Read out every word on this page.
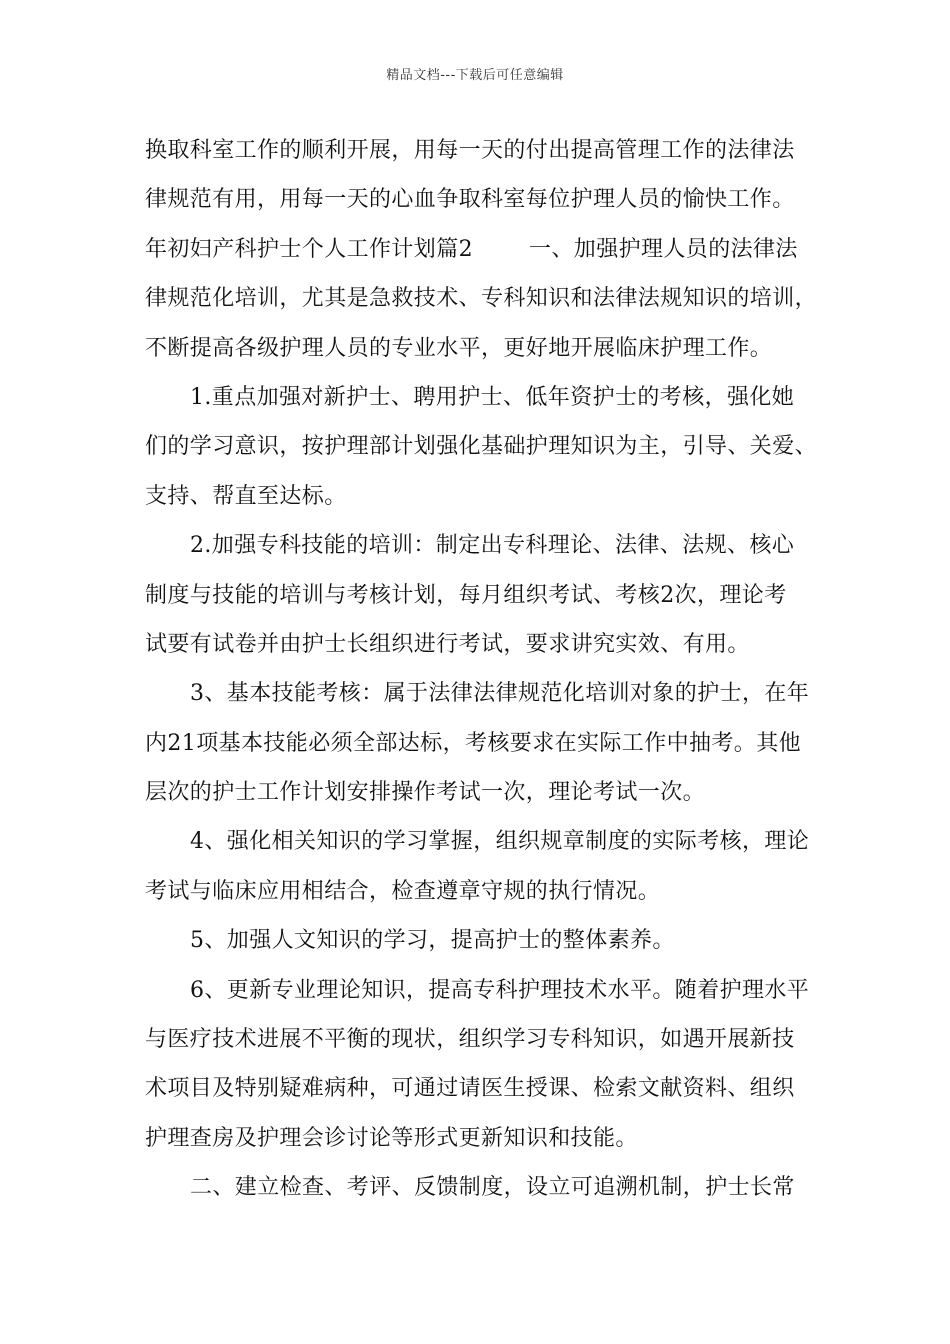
精品文档---下载后可任意编辑
换取科室工作的顺利开展，用每一天的付出提高管理工作的法律法
律规范有用，用每一天的心血争取科室每位护理人员的愉快工作。
年初妇产科护士个人工作计划篇2	一、加强护理人员的法律法
律规范化培训，尤其是急救技术、专科知识和法律法规知识的培训，
不断提高各级护理人员的专业水平，更好地开展临床护理工作。
1.重点加强对新护士、聘用护士、低年资护士的考核，强化她
们的学习意识，按护理部计划强化基础护理知识为主，引导、关爱、
支持、帮直至达标。
2.加强专科技能的培训：制定出专科理论、法律、法规、核心
制度与技能的培训与考核计划，每月组织考试、考核2次，理论考
试要有试卷并由护士长组织进行考试，要求讲究实效、有用。
3、基本技能考核：属于法律法律规范化培训对象的护士，在年
内21项基本技能必须全部达标，考核要求在实际工作中抽考。其他
层次的护士工作计划安排操作考试一次，理论考试一次。
4、强化相关知识的学习掌握，组织规章制度的实际考核，理论
考试与临床应用相结合，检查遵章守规的执行情况。
5、加强人文知识的学习，提高护士的整体素养。
6、更新专业理论知识，提高专科护理技术水平。随着护理水平
与医疗技术进展不平衡的现状，组织学习专科知识，如遇开展新技
术项目及特别疑难病种，可通过请医生授课、检索文献资料、组织
护理查房及护理会诊讨论等形式更新知识和技能。
二、建立检查、考评、反馈制度，设立可追溯机制，护士长常
